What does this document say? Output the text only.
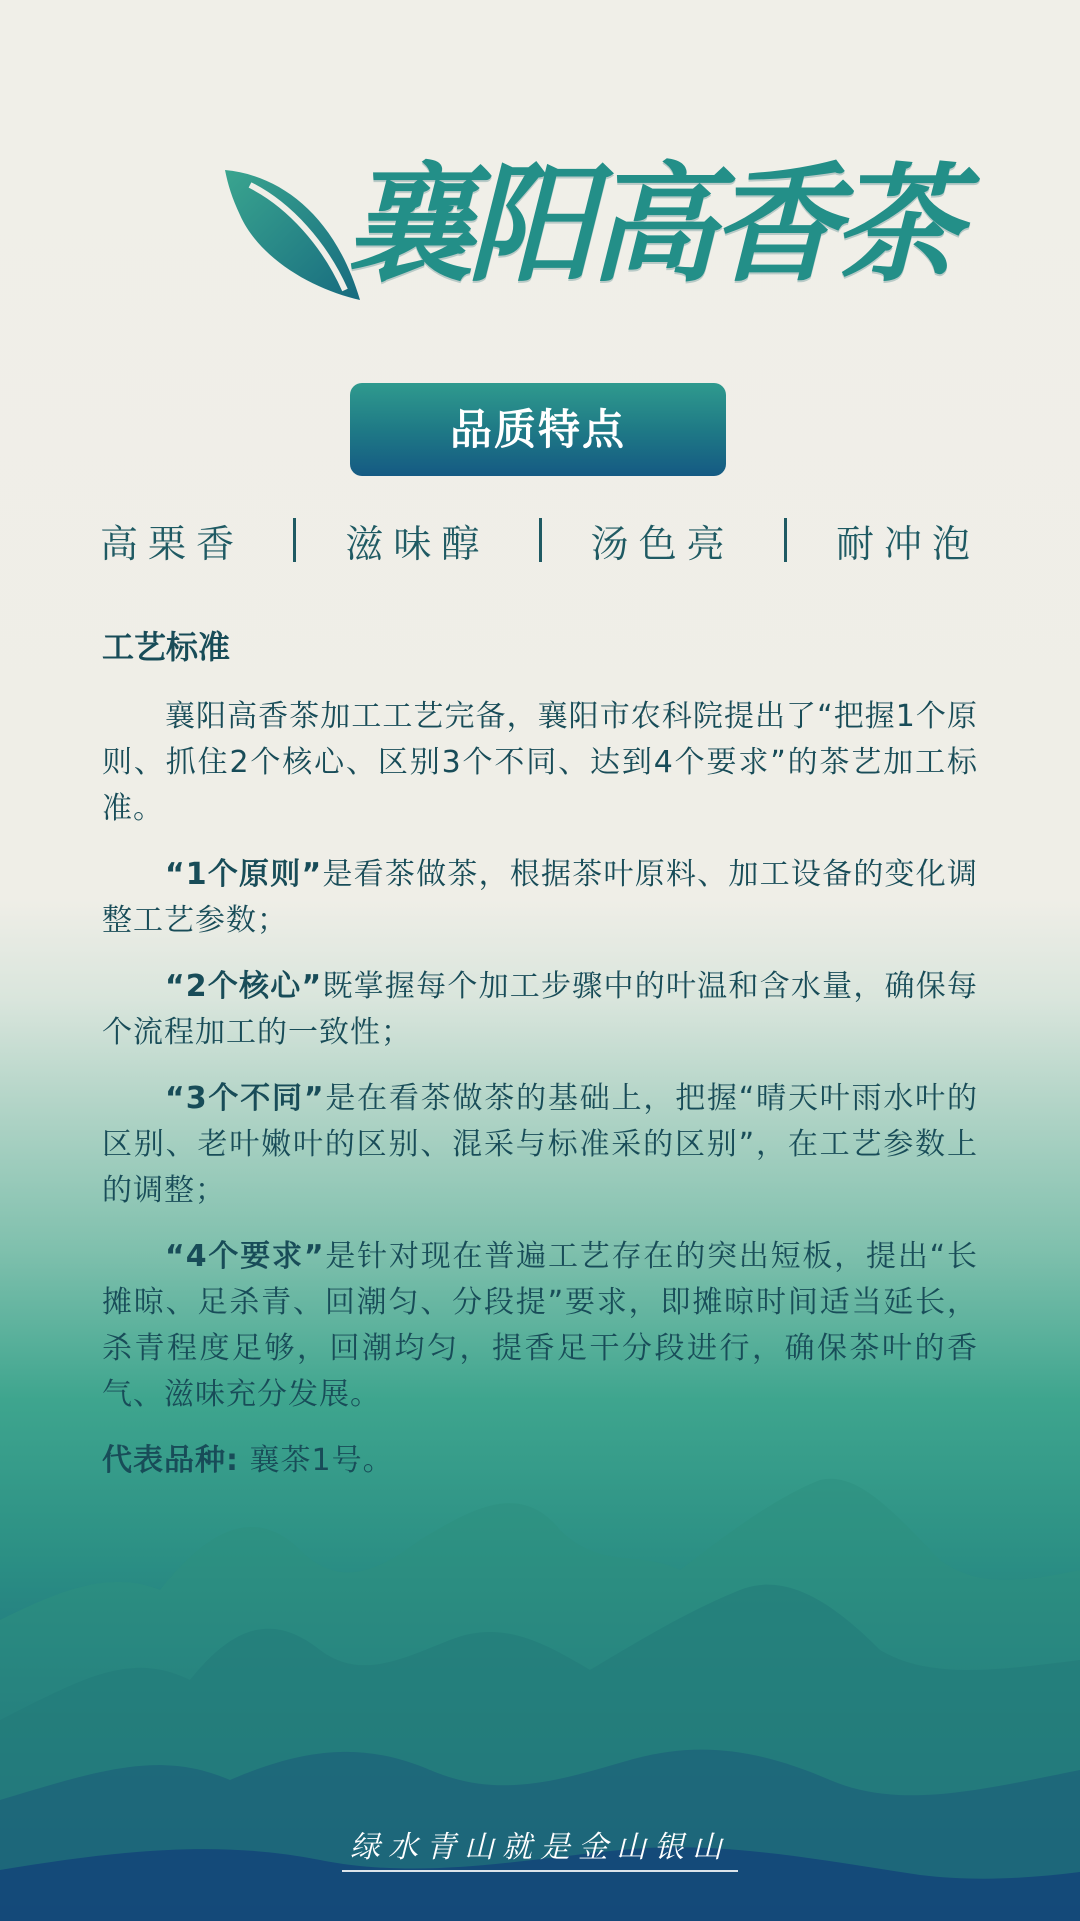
襄阳高香茶
品质特点
高栗香	滋味醇	汤色亮	耐冲泡
工艺标准

襄阳高香茶加工工艺完备，襄阳市农科院提出了“把握1个原则、抓住2个核心、区别3个不同、达到4个要求”的茶艺加工标准。

“1个原则”是看茶做茶，根据茶叶原料、加工设备的变化调整工艺参数；

“2个核心”既掌握每个加工步骤中的叶温和含水量，确保每个流程加工的一致性；

“3个不同”是在看茶做茶的基础上，把握“晴天叶雨水叶的区别、老叶嫩叶的区别、混采与标准采的区别”，在工艺参数上的调整；

“4个要求”是针对现在普遍工艺存在的突出短板，提出“长摊晾、足杀青、回潮匀、分段提”要求，即摊晾时间适当延长，杀青程度足够，回潮均匀，提香足干分段进行，确保茶叶的香气、滋味充分发展。

代表品种: 襄茶1号。

绿水青山就是金山银山
